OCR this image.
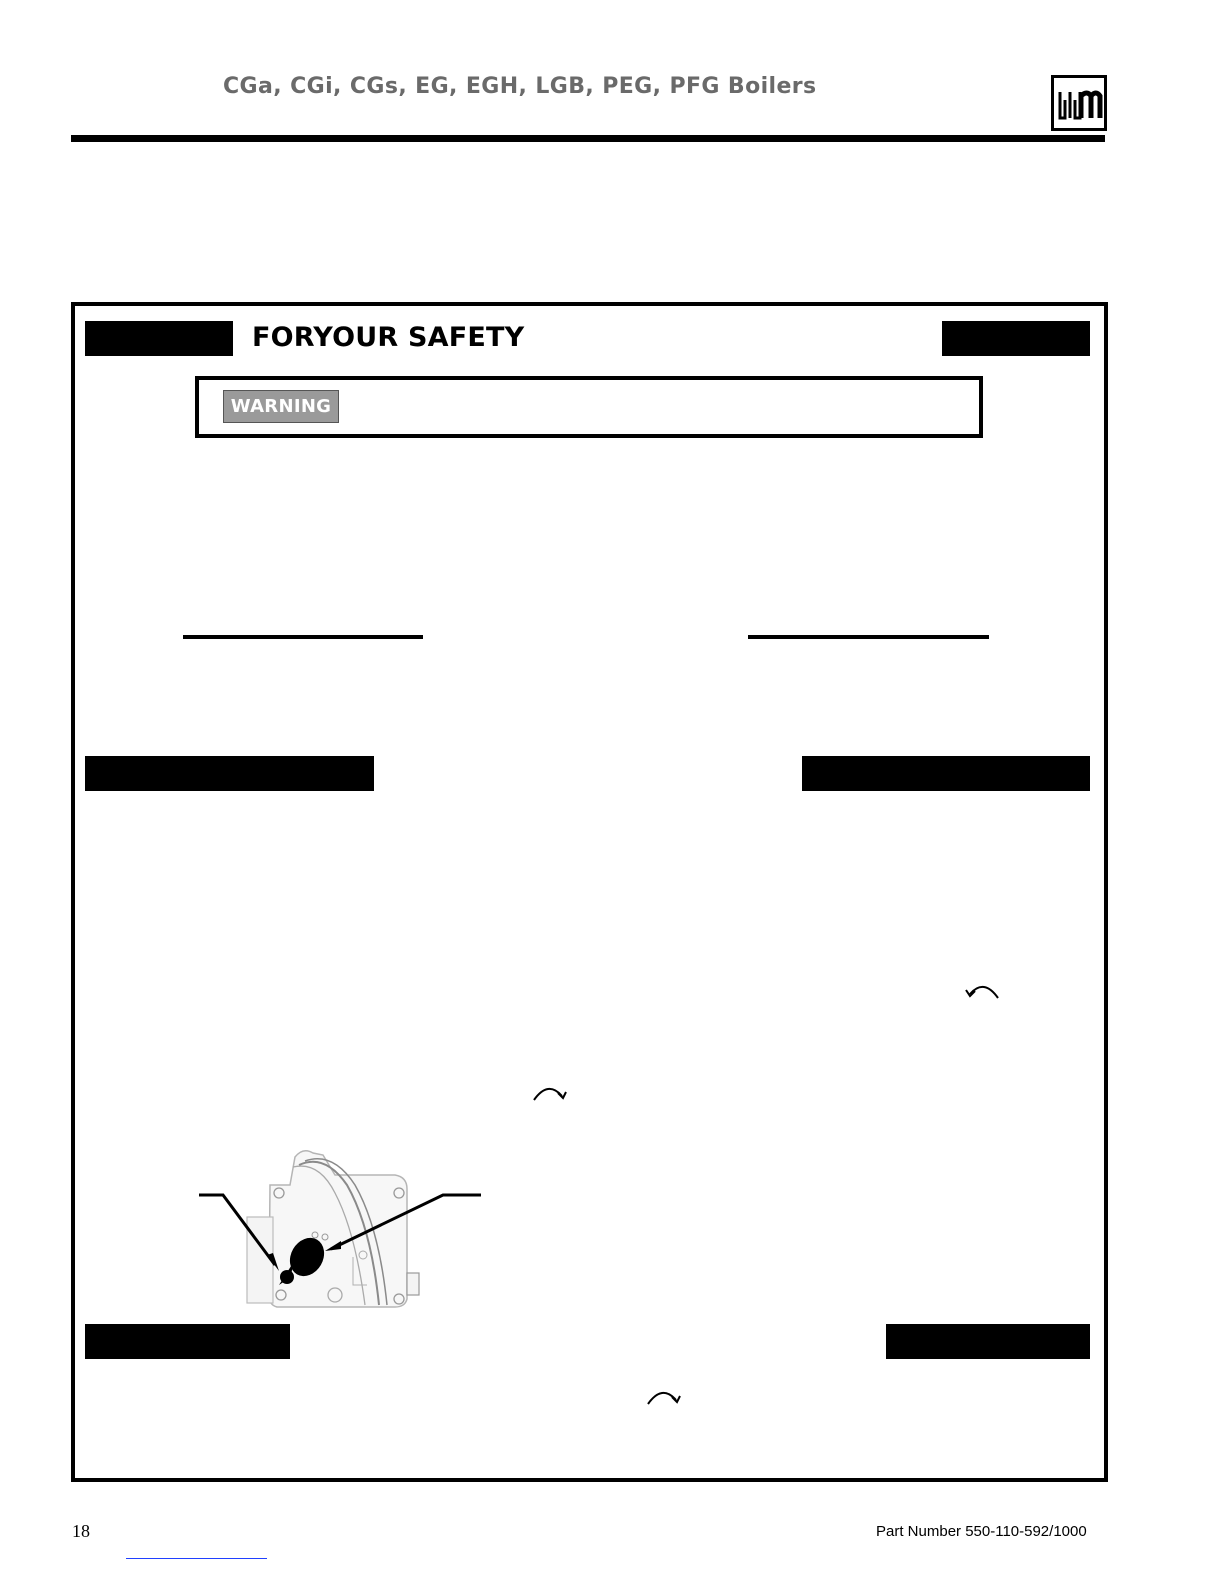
CGa, CGi, CGs, EG, EGH, LGB, PEG, PFG Boilers
FORYOUR SAFETY
WARNING
18	Part Number 550-110-592/1000
